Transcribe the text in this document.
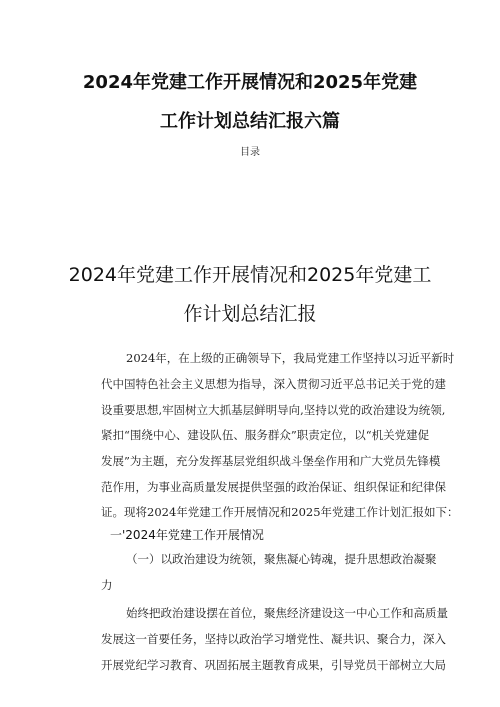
2024年党建工作开展情况和2025年党建
工作计划总结汇报六篇
目录
2024年党建工作开展情况和2025年党建工
作计划总结汇报
2024年，在上级的正确领导下，我局党建工作坚持以习近平新时
代中国特色社会主义思想为指导，深入贯彻习近平总书记关于党的建
设重要思想,牢固树立大抓基层鲜明导向,坚持以党的政治建设为统领,
紧扣“围绕中心、建设队伍、服务群众”职责定位，以“机关党建促
发展”为主题，充分发挥基层党组织战斗堡垒作用和广大党员先锋模
范作用，为事业高质量发展提供坚强的政治保证、组织保证和纪律保
证。现将2024年党建工作开展情况和2025年党建工作计划汇报如下：
一'2024年党建工作开展情况
（一）以政治建设为统领，聚焦凝心铸魂，提升思想政治凝聚
力
始终把政治建设摆在首位，聚焦经济建设这一中心工作和高质量
发展这一首要任务，坚持以政治学习增党性、凝共识、聚合力，深入
开展党纪学习教育、巩固拓展主题教育成果，引导党员干部树立大局
